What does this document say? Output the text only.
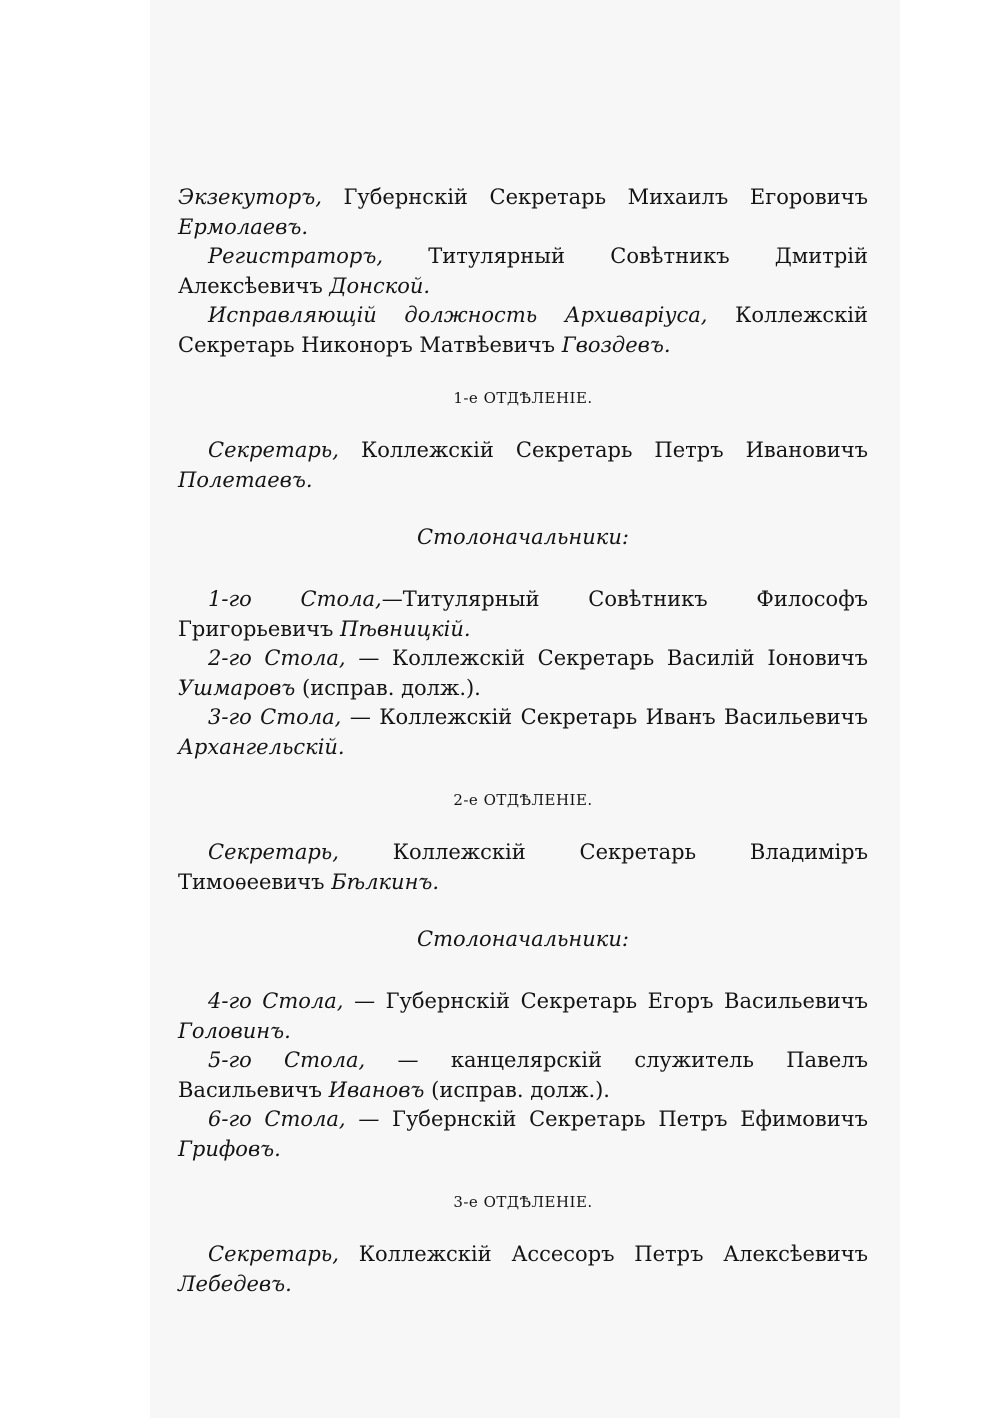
Экзекуторъ, Губернскій Секретарь Михаилъ Егоровичъ Ермолаевъ.

Регистраторъ, Титулярный Совѣтникъ Дмитрій Алексѣевичъ Донской.

Исправляющій должность Архиваріуса, Коллежскій Секретарь Никоноръ Матвѣевичъ Гвоздевъ.

1-е ОТДѢЛЕНІЕ.

Секретарь, Коллежскій Секретарь Петръ Ивановичъ Полетаевъ.

Столоначальники:

1-го Стола,—Титулярный Совѣтникъ Философъ Григорьевичъ Пѣвницкій.

2-го Стола, — Коллежскій Секретарь Василій Іоновичъ Ушмаровъ (исправ. долж.).

3-го Стола, — Коллежскій Секретарь Иванъ Васильевичъ Архангельскій.

2-е ОТДѢЛЕНІЕ.

Секретарь,	Коллежскій Секретарь Владиміръ Тимоѳеевичъ Бѣлкинъ.

Столоначальники:

4-го Стола, — Губернскій Секретарь Егоръ Васильевичъ Головинъ.

5-го Стола, — канцелярскій служитель Павелъ Васильевичъ Ивановъ (исправ. долж.).

6-го Стола, — Губернскій Секретарь Петръ Ефимовичъ Грифовъ.

3-е ОТДѢЛЕНІЕ.

Секретарь, Коллежскій Ассесоръ Петръ Алексѣевичъ Лебедевъ.
